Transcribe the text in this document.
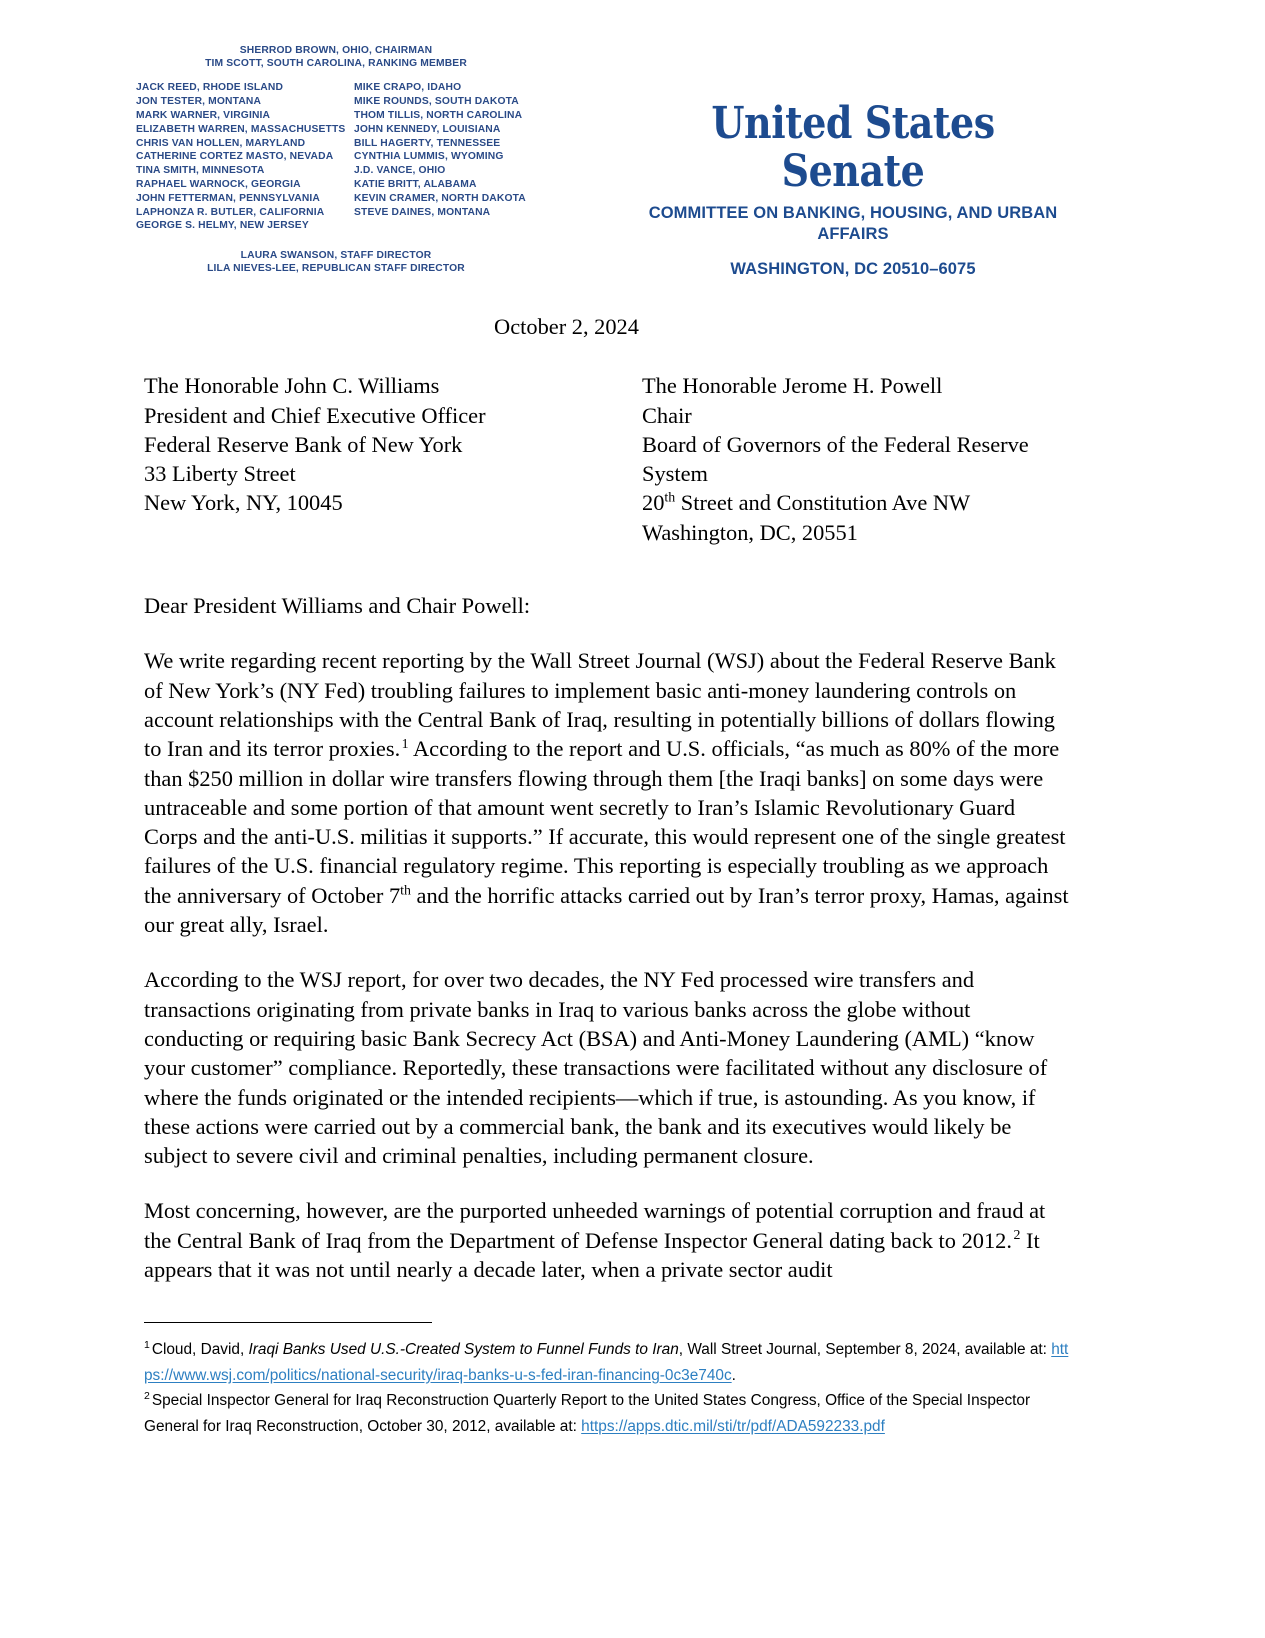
SHERROD BROWN, OHIO, CHAIRMAN
TIM SCOTT, SOUTH CAROLINA, RANKING MEMBER
JACK REED, RHODE ISLAND
JON TESTER, MONTANA
MARK WARNER, VIRGINIA
ELIZABETH WARREN, MASSACHUSETTS
CHRIS VAN HOLLEN, MARYLAND
CATHERINE CORTEZ MASTO, NEVADA
TINA SMITH, MINNESOTA
RAPHAEL WARNOCK, GEORGIA
JOHN FETTERMAN, PENNSYLVANIA
LAPHONZA R. BUTLER, CALIFORNIA
GEORGE S. HELMY, NEW JERSEY
MIKE CRAPO, IDAHO
MIKE ROUNDS, SOUTH DAKOTA
THOM TILLIS, NORTH CAROLINA
JOHN KENNEDY, LOUISIANA
BILL HAGERTY, TENNESSEE
CYNTHIA LUMMIS, WYOMING
J.D. VANCE, OHIO
KATIE BRITT, ALABAMA
KEVIN CRAMER, NORTH DAKOTA
STEVE DAINES, MONTANA
LAURA SWANSON, STAFF DIRECTOR
LILA NIEVES-LEE, REPUBLICAN STAFF DIRECTOR
United States Senate
COMMITTEE ON BANKING, HOUSING, AND URBAN AFFAIRS
WASHINGTON, DC 20510–6075
October 2, 2024
The Honorable John C. Williams
President and Chief Executive Officer
Federal Reserve Bank of New York
33 Liberty Street
New York, NY, 10045
The Honorable Jerome H. Powell
Chair
Board of Governors of the Federal Reserve System
20th Street and Constitution Ave NW
Washington, DC, 20551
Dear President Williams and Chair Powell:
We write regarding recent reporting by the Wall Street Journal (WSJ) about the Federal Reserve Bank of New York’s (NY Fed) troubling failures to implement basic anti-money laundering controls on account relationships with the Central Bank of Iraq, resulting in potentially billions of dollars flowing to Iran and its terror proxies. $^1$ According to the report and U.S. officials, “as much as 80% of the more than $250 million in dollar wire transfers flowing through them [the Iraqi banks] on some days were untraceable and some portion of that amount went secretly to Iran’s Islamic Revolutionary Guard Corps and the anti-U.S. militias it supports.” If accurate, this would represent one of the single greatest failures of the U.S. financial regulatory regime. This reporting is especially troubling as we approach the anniversary of October 7th and the horrific attacks carried out by Iran’s terror proxy, Hamas, against our great ally, Israel.
According to the WSJ report, for over two decades, the NY Fed processed wire transfers and transactions originating from private banks in Iraq to various banks across the globe without conducting or requiring basic Bank Secrecy Act (BSA) and Anti-Money Laundering (AML) “know your customer” compliance. Reportedly, these transactions were facilitated without any disclosure of where the funds originated or the intended recipients—which if true, is astounding. As you know, if these actions were carried out by a commercial bank, the bank and its executives would likely be subject to severe civil and criminal penalties, including permanent closure.
Most concerning, however, are the purported unheeded warnings of potential corruption and fraud at the Central Bank of Iraq from the Department of Defense Inspector General dating back to 2012. $^2$ It appears that it was not until nearly a decade later, when a private sector audit

$^1$ Cloud, David, Iraqi Banks Used U.S.-Created System to Funnel Funds to Iran, Wall Street Journal, September 8, 2024, available at: https://www.wsj.com/politics/national-security/iraq-banks-u-s-fed-iran-financing-0c3e740c.

$^2$ Special Inspector General for Iraq Reconstruction Quarterly Report to the United States Congress, Office of the Special Inspector General for Iraq Reconstruction, October 30, 2012, available at: https://apps.dtic.mil/sti/tr/pdf/ADA592233.pdf
